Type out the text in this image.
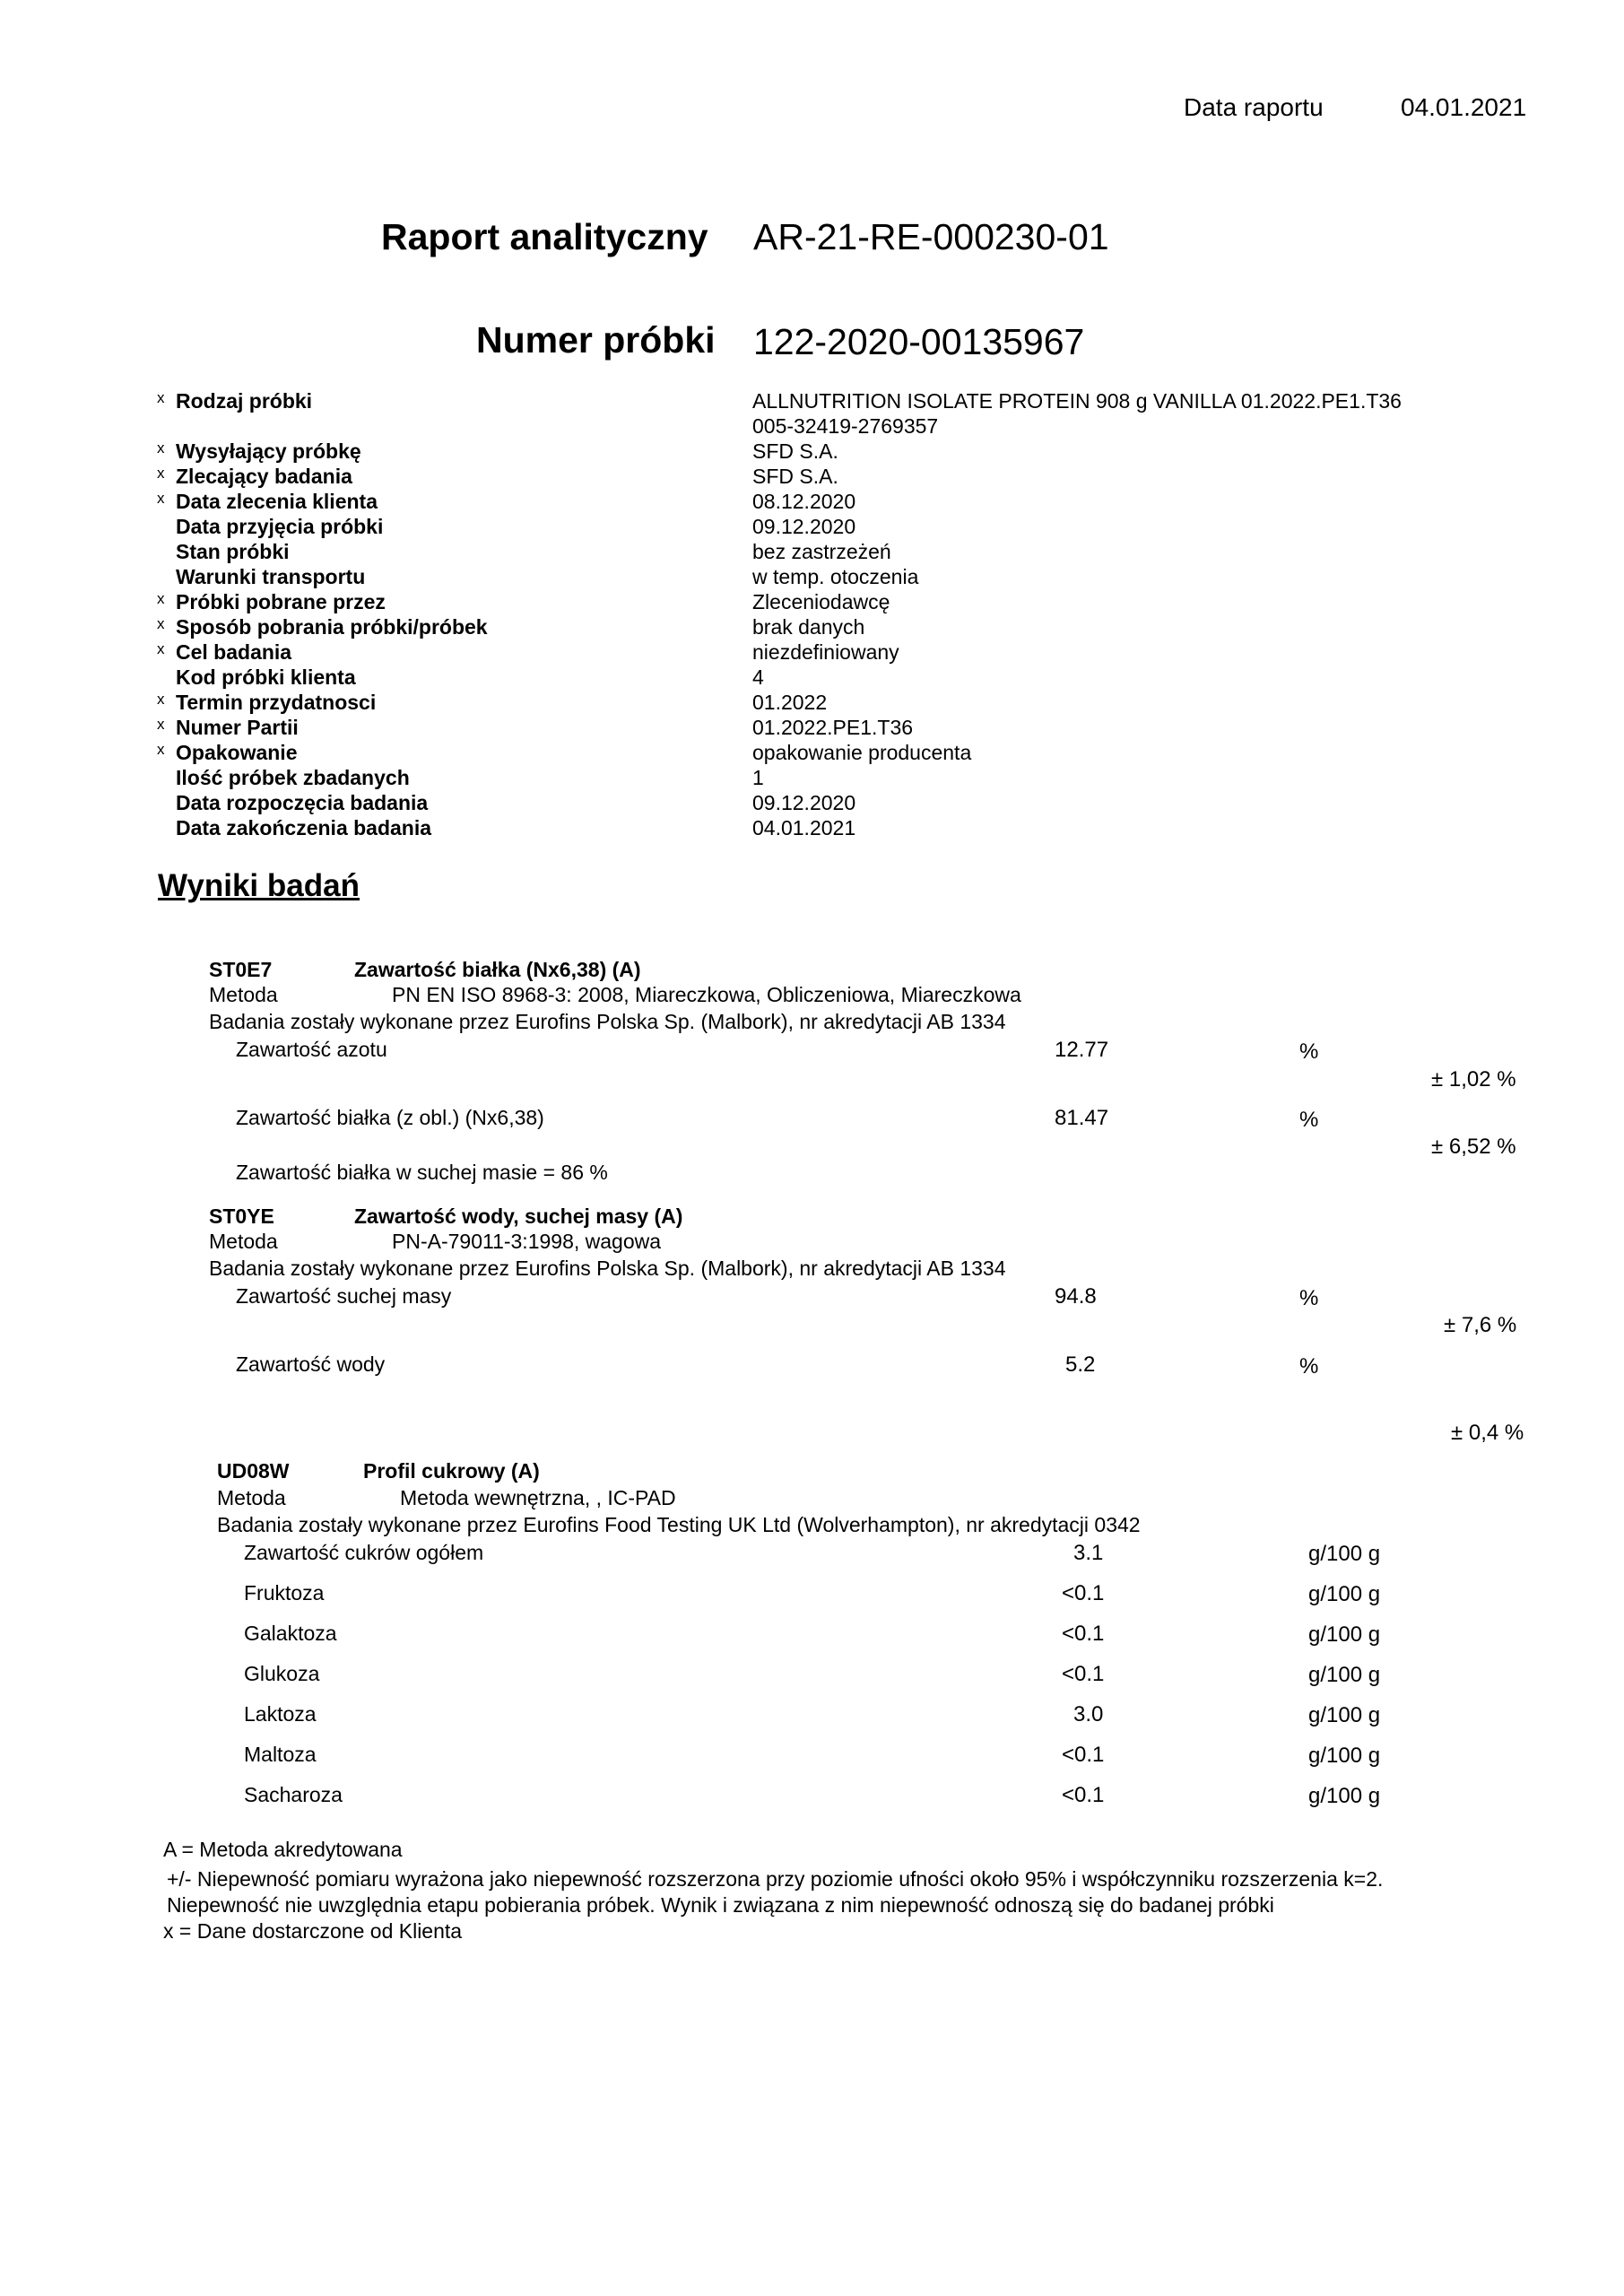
Data raportu	04.01.2021
Raport analityczny AR-21-RE-000230-01
Numer próbki 122-2020-00135967
x Rodzaj próbki	ALLNUTRITION ISOLATE PROTEIN 908 g VANILLA 01.2022.PE1.T36
005-32419-2769357
x Wysyłający próbkę	SFD S.A.
x Zlecający badania	SFD S.A.
x Data zlecenia klienta	08.12.2020
Data przyjęcia próbki	09.12.2020
Stan próbki	bez zastrzeżeń
Warunki transportu	w temp. otoczenia
x Próbki pobrane przez	Zleceniodawcę
x Sposób pobrania próbki/próbek	brak danych
x Cel badania	niezdefiniowany
Kod próbki klienta	4
x Termin przydatnosci	01.2022
x Numer Partii	01.2022.PE1.T36
x Opakowanie	opakowanie producenta
Ilość próbek zbadanych	1
Data rozpoczęcia badania	09.12.2020
Data zakończenia badania	04.01.2021
Wyniki badań
ST0E7	Zawartość białka (Nx6,38) (A)
Metoda	PN EN ISO 8968-3: 2008, Miareczkowa, Obliczeniowa, Miareczkowa
Badania zostały wykonane przez Eurofins Polska Sp. (Malbork), nr akredytacji AB 1334
Zawartość azotu	12.77	%
± 1,02 %
Zawartość białka (z obl.) (Nx6,38)	81.47	%
± 6,52 %
Zawartość białka w suchej masie = 86 %
ST0YE	Zawartość wody, suchej masy (A)
Metoda	PN-A-79011-3:1998, wagowa
Badania zostały wykonane przez Eurofins Polska Sp. (Malbork), nr akredytacji AB 1334
Zawartość suchej masy	94.8	%
± 7,6 %
Zawartość wody	5.2	%
± 0,4 %
UD08W	Profil cukrowy (A)
Metoda	Metoda wewnętrzna, , IC-PAD
Badania zostały wykonane przez Eurofins Food Testing UK Ltd (Wolverhampton), nr akredytacji 0342
Zawartość cukrów ogółem	3.1	g/100 g
Fruktoza	<0.1	g/100 g
Galaktoza	<0.1	g/100 g
Glukoza	<0.1	g/100 g
Laktoza	3.0	g/100 g
Maltoza	<0.1	g/100 g
Sacharoza	<0.1	g/100 g
A = Metoda akredytowana
+/- Niepewność pomiaru wyrażona jako niepewność rozszerzona przy poziomie ufności około 95% i współczynniku rozszerzenia k=2.
Niepewność nie uwzględnia etapu pobierania próbek. Wynik i związana z nim niepewność odnoszą się do badanej próbki
x = Dane dostarczone od Klienta
